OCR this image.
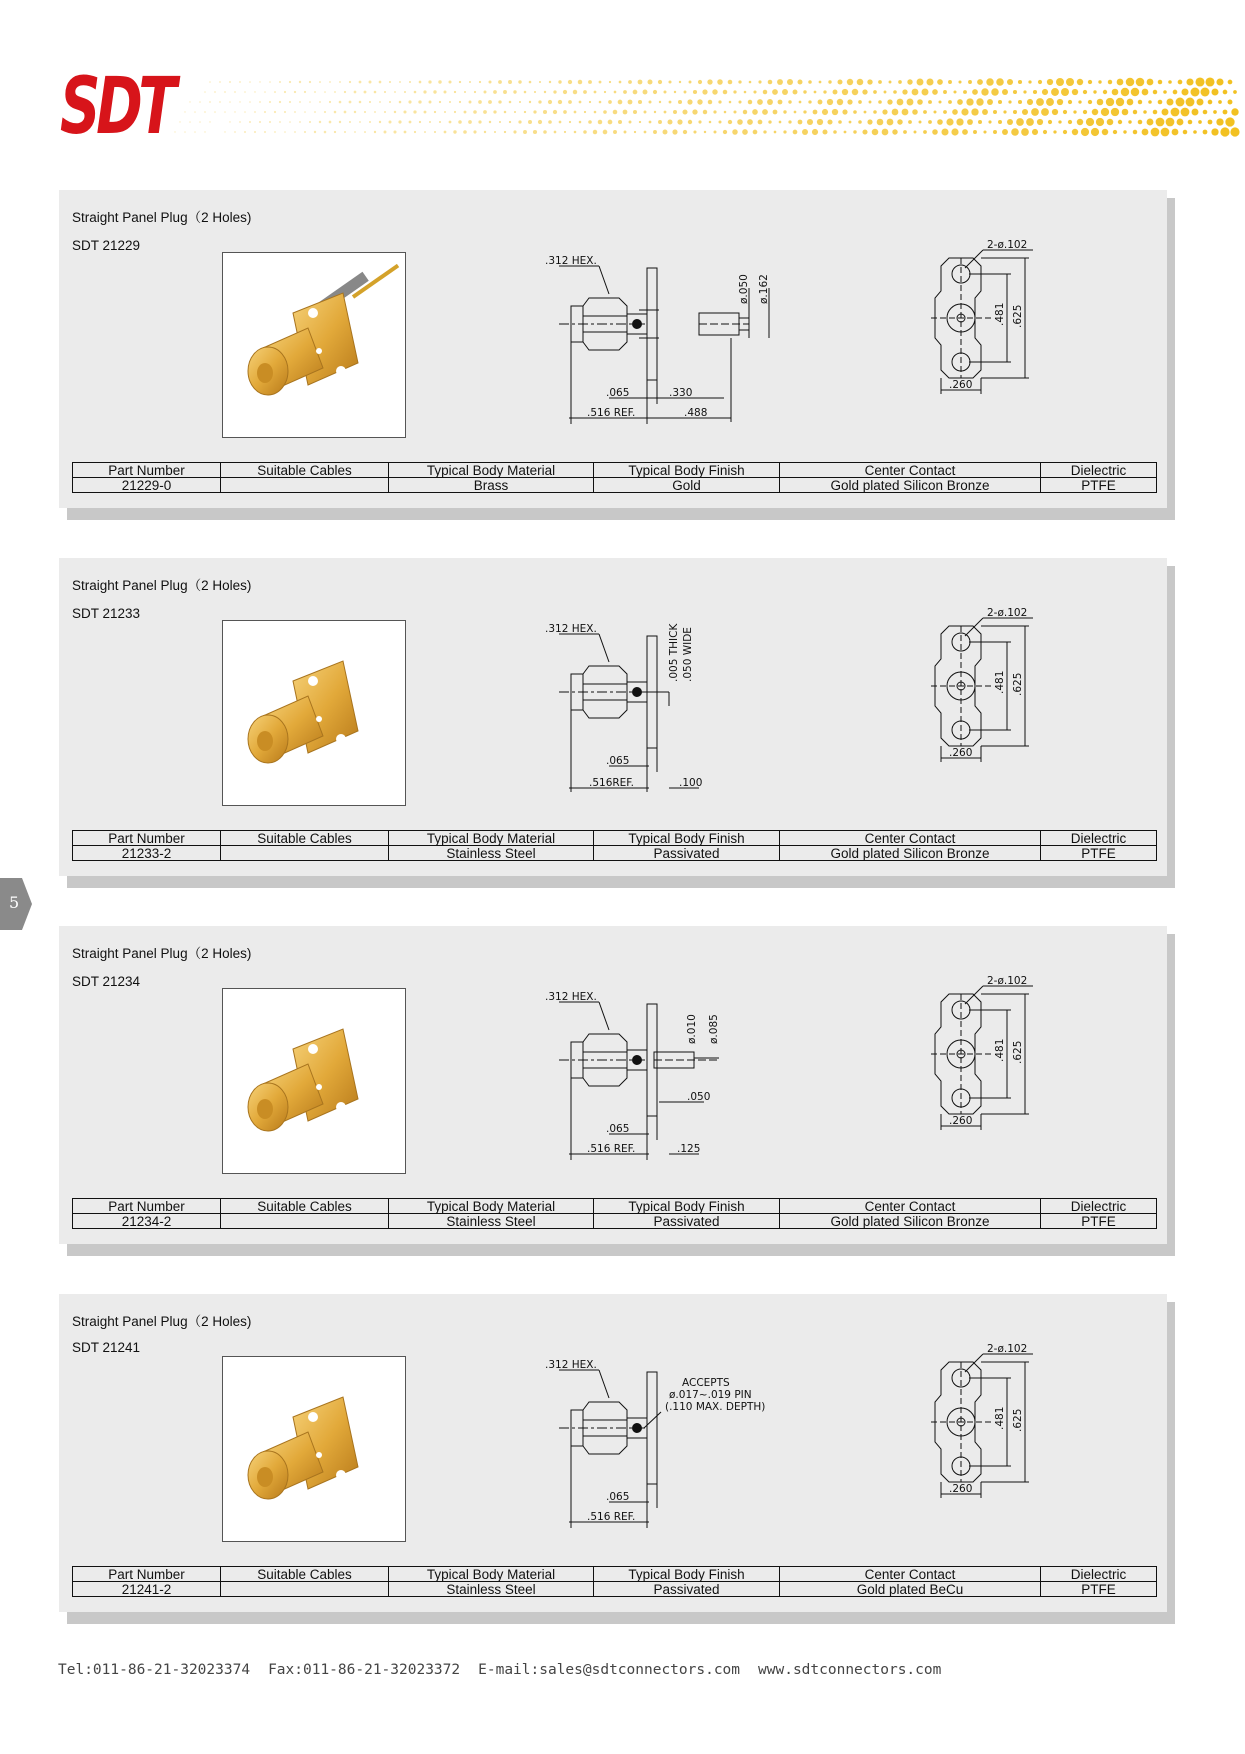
SDT
5
Straight Panel Plug（2 Holes)
SDT 21229
.312 HEX.
ø.050 ø.162
.065	.330
.516 REF.	.488
2-ø.102
.481 .625
.260
Part Number	Suitable Cables	Typical Body Material	Typical Body Finish	Center Contact	Dielectric
21229-0		Brass	Gold	Gold plated Silicon Bronze	PTFE
Straight Panel Plug（2 Holes)
SDT 21233
.312 HEX.	.005 THICK .050 WIDE
.065
.516REF.	.100
2-ø.102
.481 .625
.260
Part Number	Suitable Cables	Typical Body Material	Typical Body Finish	Center Contact	Dielectric
21233-2		Stainless Steel	Passivated	Gold plated Silicon Bronze	PTFE
Straight Panel Plug（2 Holes)
SDT 21234
.312 HEX.
ø.010 ø.085
.050
.065
.516 REF.	.125
2-ø.102
.481 .625
.260
Part Number	Suitable Cables	Typical Body Material	Typical Body Finish	Center Contact	Dielectric
21234-2		Stainless Steel	Passivated	Gold plated Silicon Bronze	PTFE
Straight Panel Plug（2 Holes)
SDT 21241
.312 HEX.
ACCEPTS
ø.017~.019 PIN
(.110 MAX. DEPTH)
.065
.516 REF.
2-ø.102
.481 .625
.260
Part Number	Suitable Cables	Typical Body Material	Typical Body Finish	Center Contact	Dielectric
21241-2		Stainless Steel	Passivated	Gold plated BeCu	PTFE
Tel:011-86-21-32023374 Fax:011-86-21-32023372 E-mail:sales@sdtconnectors.com www.sdtconnectors.com
